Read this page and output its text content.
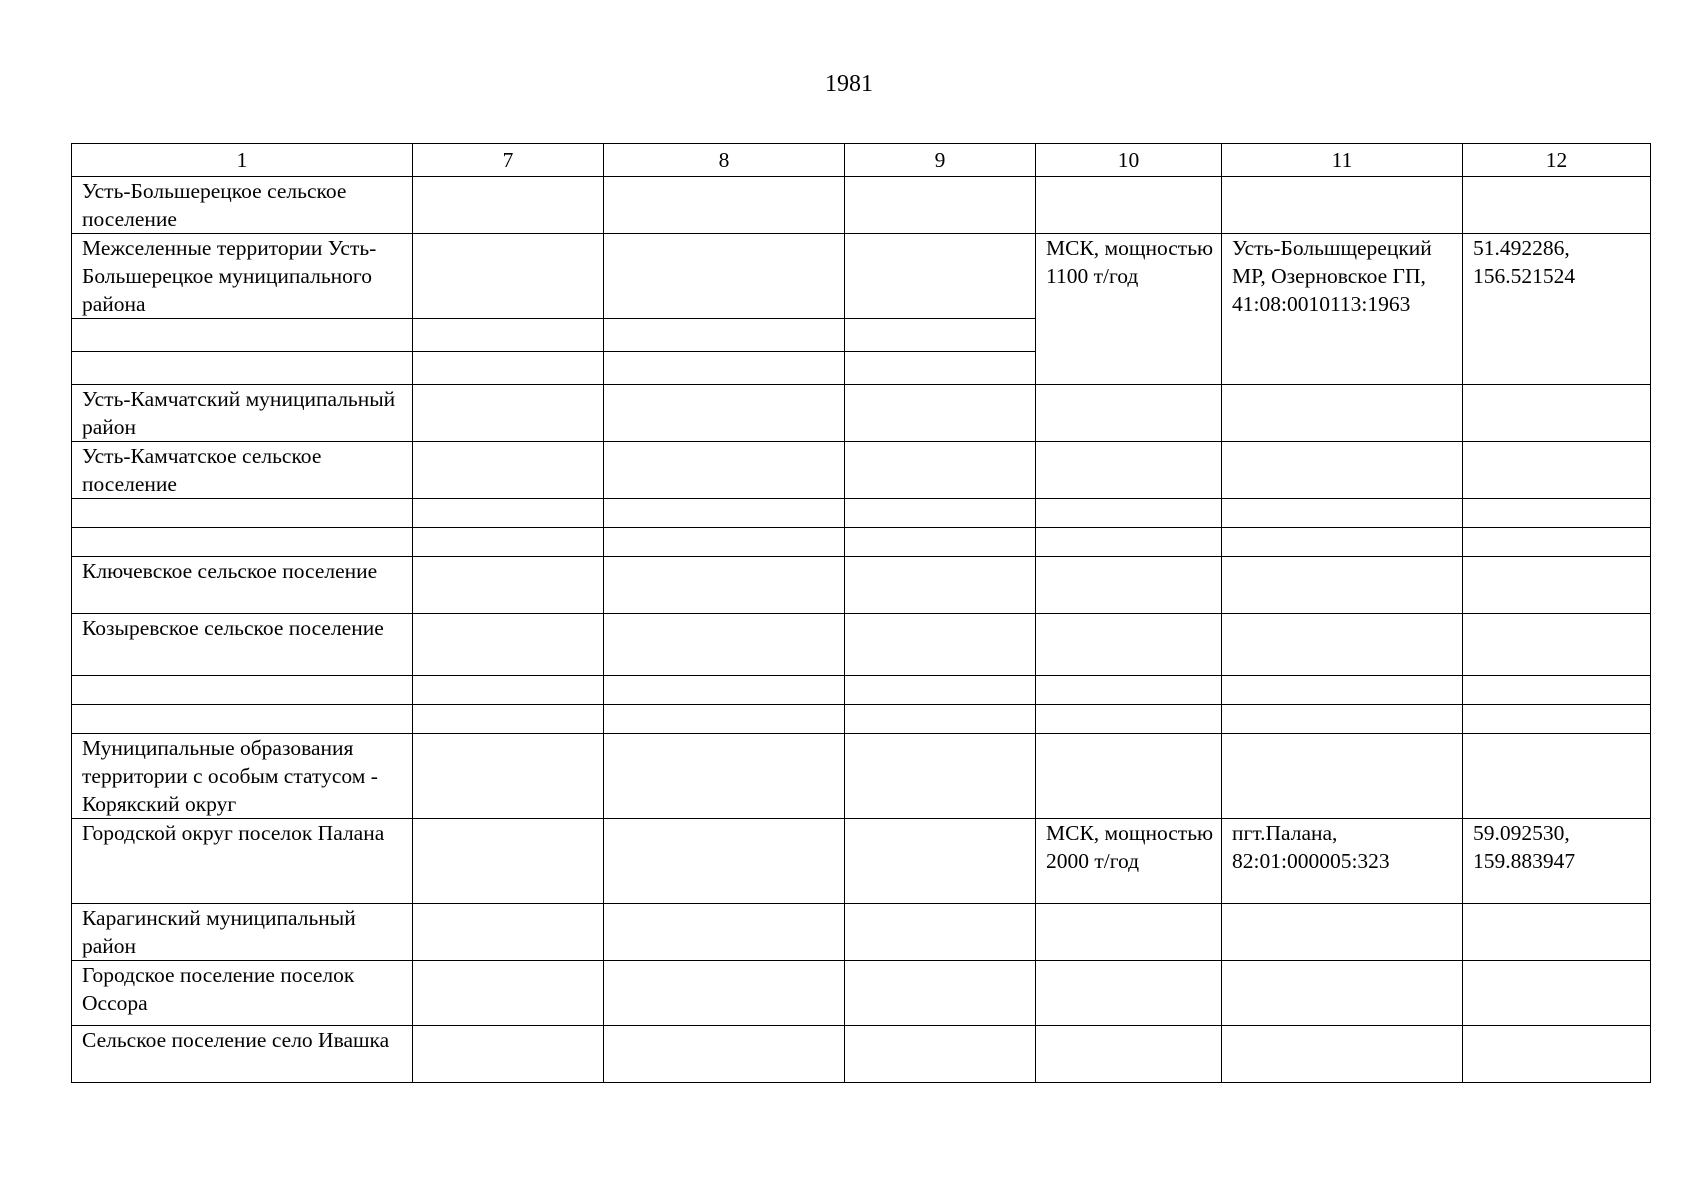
1981
1	7	8	9	10	11	12
Усть-Большерецкое сельское поселение						
Межселенные территории Усть-Большерецкое муниципального района				МСК, мощностью 1100 т/год	Усть-Большщерецкий МР, Озерновское ГП, 41:08:0010113:1963	51.492286, 156.521524

Усть-Камчатский муниципальный район						
Усть-Камчатское сельское поселение						

Ключевское сельское поселение						
Козыревское сельское поселение						

Муниципальные образования территории с особым статусом - Корякский округ						
Городской округ поселок Палана				МСК, мощностью 2000 т/год	пгт.Палана, 82:01:000005:323	59.092530, 159.883947
Карагинский муниципальный район						
Городское поселение поселок Оссора						
Сельское поселение село Ивашка						
